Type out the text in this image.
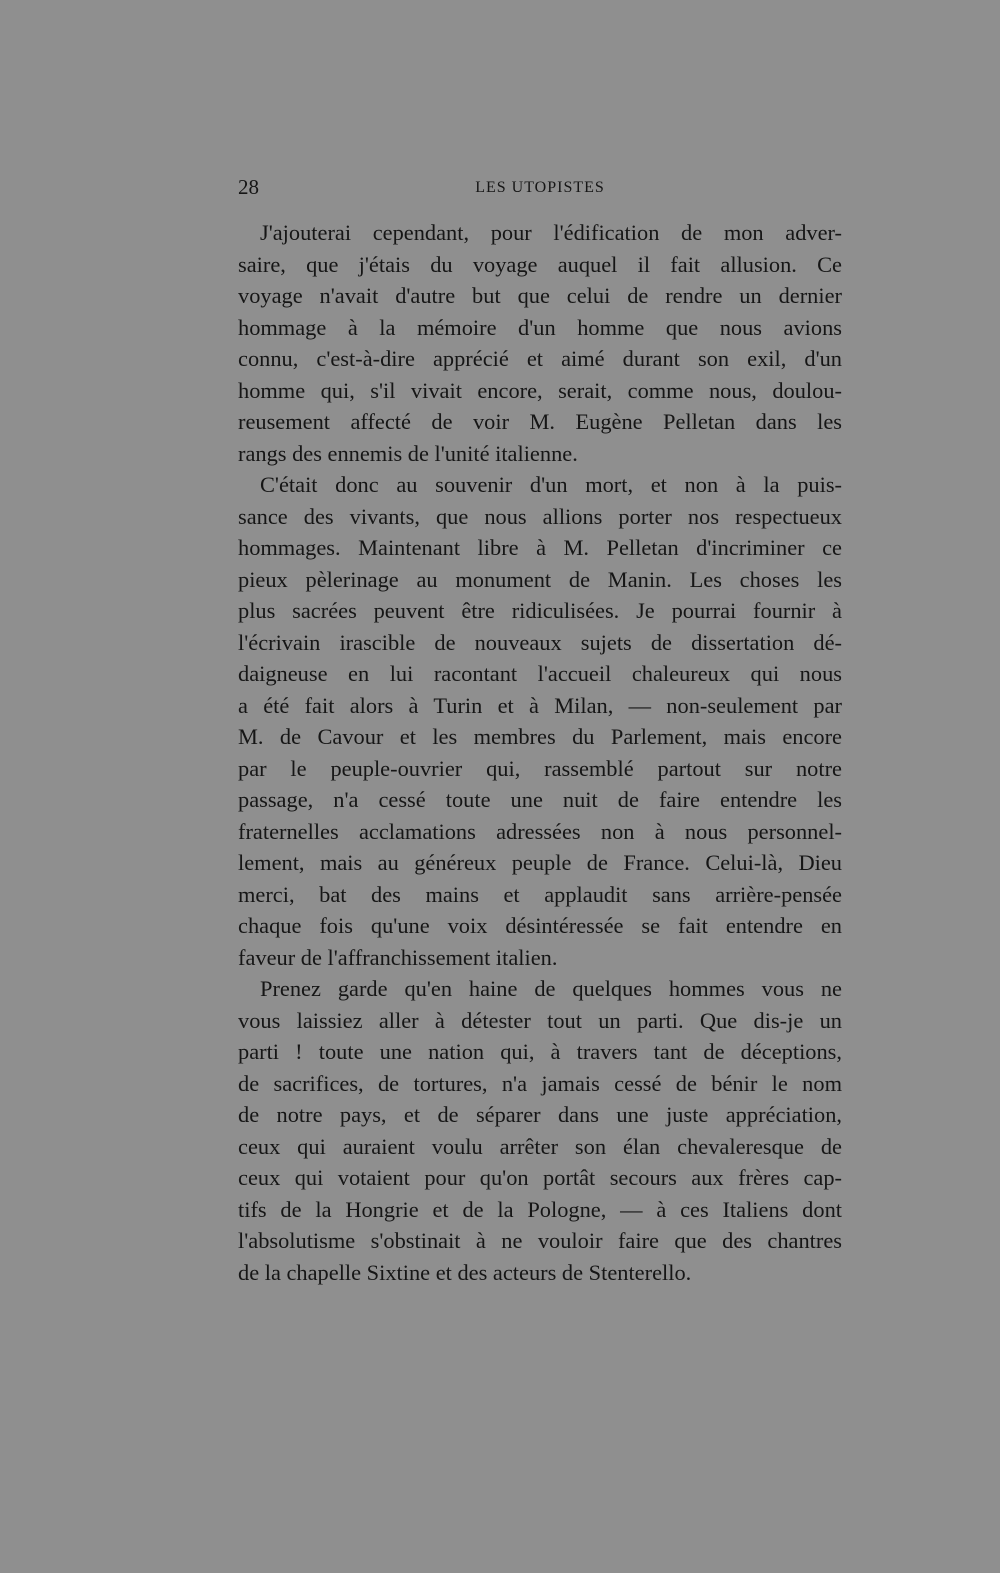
28	LES UTOPISTES

J'ajouterai cependant, pour l'édification de mon adver-
saire, que j'étais du voyage auquel il fait allusion. Ce
voyage n'avait d'autre but que celui de rendre un dernier
hommage à la mémoire d'un homme que nous avions
connu, c'est-à-dire apprécié et aimé durant son exil, d'un
homme qui, s'il vivait encore, serait, comme nous, doulou-
reusement affecté de voir M. Eugène Pelletan dans les
rangs des ennemis de l'unité italienne.

C'était donc au souvenir d'un mort, et non à la puis-
sance des vivants, que nous allions porter nos respectueux
hommages. Maintenant libre à M. Pelletan d'incriminer ce
pieux pèlerinage au monument de Manin. Les choses les
plus sacrées peuvent être ridiculisées. Je pourrai fournir à
l'écrivain irascible de nouveaux sujets de dissertation dé-
daigneuse en lui racontant l'accueil chaleureux qui nous
a été fait alors à Turin et à Milan, — non-seulement par
M. de Cavour et les membres du Parlement, mais encore
par le peuple-ouvrier qui, rassemblé partout sur notre
passage, n'a cessé toute une nuit de faire entendre les
fraternelles acclamations adressées non à nous personnel-
lement, mais au généreux peuple de France. Celui-là, Dieu
merci, bat des mains et applaudit sans arrière-pensée
chaque fois qu'une voix désintéressée se fait entendre en
faveur de l'affranchissement italien.

Prenez garde qu'en haine de quelques hommes vous ne
vous laissiez aller à détester tout un parti. Que dis-je un
parti ! toute une nation qui, à travers tant de déceptions,
de sacrifices, de tortures, n'a jamais cessé de bénir le nom
de notre pays, et de séparer dans une juste appréciation,
ceux qui auraient voulu arrêter son élan chevaleresque de
ceux qui votaient pour qu'on portât secours aux frères cap-
tifs de la Hongrie et de la Pologne, — à ces Italiens dont
l'absolutisme s'obstinait à ne vouloir faire que des chantres
de la chapelle Sixtine et des acteurs de Stenterello.
